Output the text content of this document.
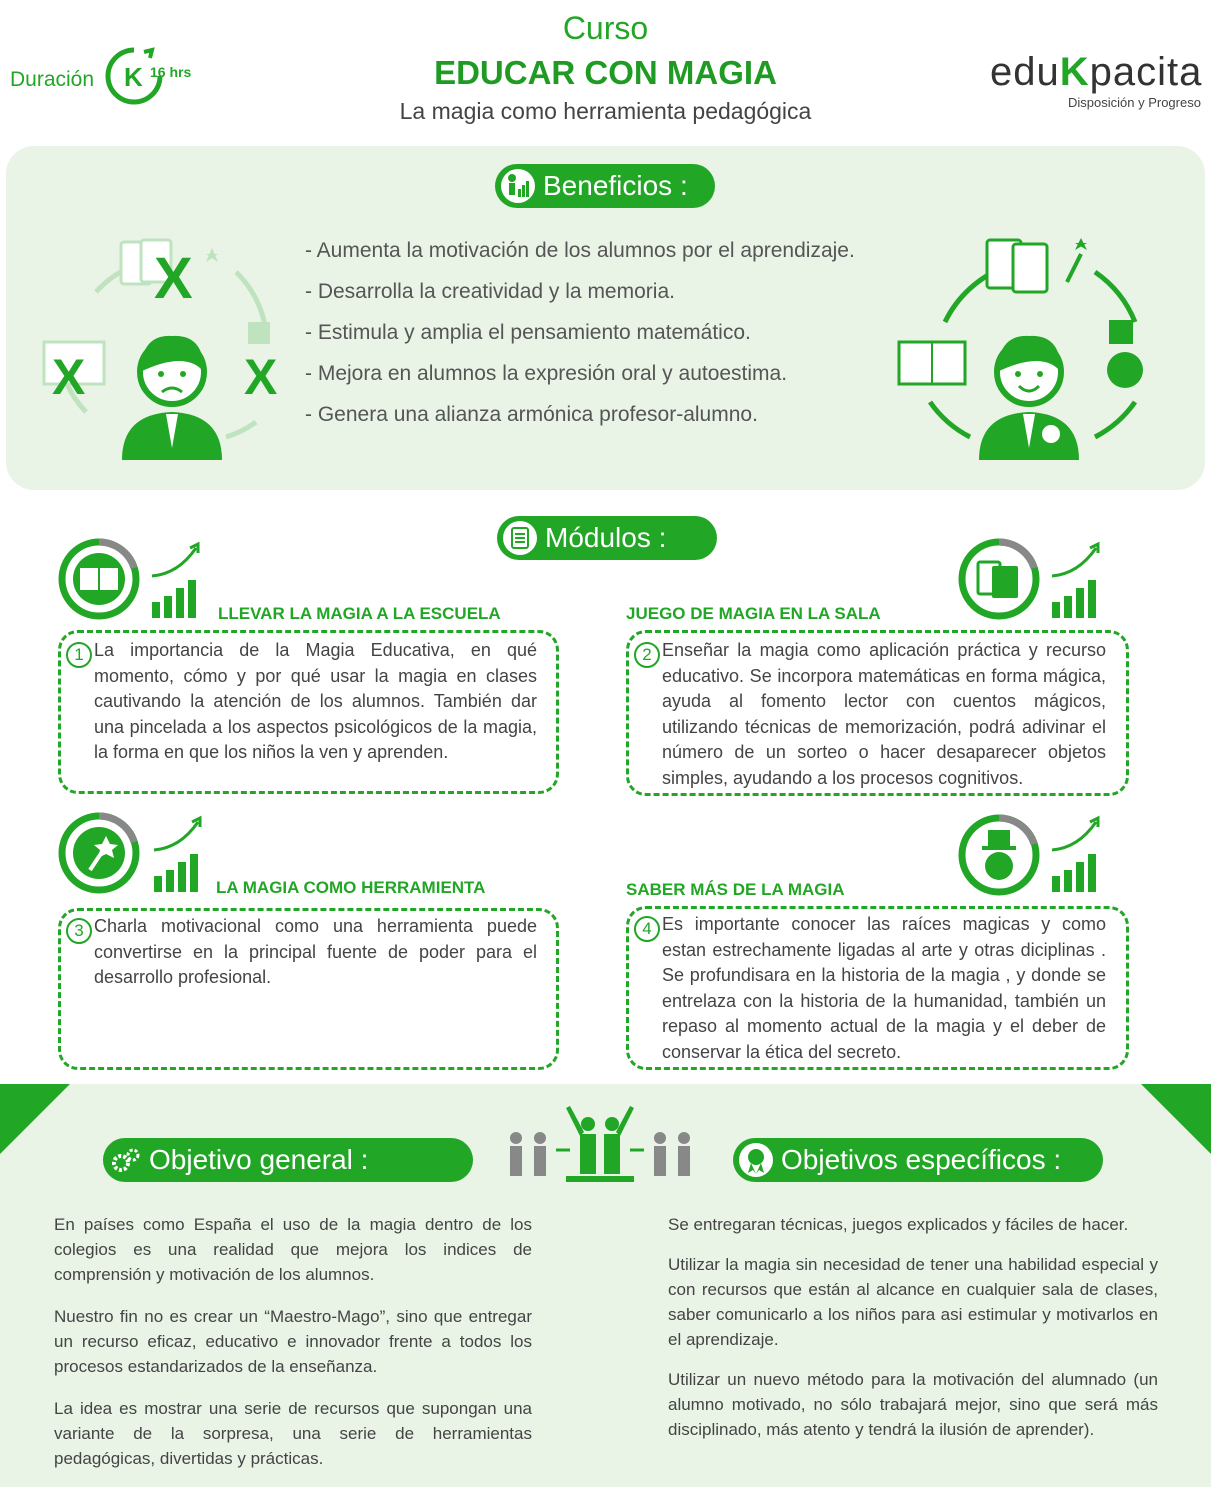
Duración K 16 hrs
Curso
EDUCAR CON MAGIA
La magia como herramienta pedagógica
eduKpacita
Disposición y Progreso
Beneficios :
X
X	X
- Aumenta la motivación de los alumnos por el aprendizaje.
- Desarrolla la creatividad y la memoria.
- Estimula y amplia el pensamiento matemático.
- Mejora en alumnos la expresión oral y autoestima.
- Genera una alianza armónica profesor-alumno.
Módulos :
LLEVAR LA MAGIA A LA ESCUELA
1 La importancia de la Magia Educativa, en qué momento, cómo y por qué usar la magia en clases cautivando la atención de los alumnos. También dar una pincelada a los aspectos psicológicos de la magia, la forma en que los niños la ven y aprenden.
JUEGO DE MAGIA EN LA SALA
2 Enseñar la magia como aplicación práctica y recurso educativo. Se incorpora matemáticas en forma mágica, ayuda al fomento lector con cuentos mágicos, utilizando técnicas de memorización, podrá adivinar el número de un sorteo o hacer desaparecer objetos simples, ayudando a los procesos cognitivos.
LA MAGIA COMO HERRAMIENTA
3 Charla motivacional como una herramienta puede convertirse en la principal fuente de poder para el desarrollo profesional.
SABER MÁS DE LA MAGIA
4 Es importante conocer las raíces magicas y como estan estrechamente ligadas al arte y otras diciplinas . Se profundisara en la historia de la magia , y donde se entrelaza con la historia de la humanidad, también un repaso al momento actual de la magia y el deber de conservar la ética del secreto.
Objetivo general :	Objetivos específicos :

En países como España el uso de la magia dentro de los colegios es una realidad que mejora los indices de comprensión y motivación de los alumnos.

Nuestro fin no es crear un “Maestro-Mago”, sino que entregar un recurso eficaz, educativo e innovador frente a todos los procesos estandarizados de la enseñanza.

La idea es mostrar una serie de recursos que supongan una variante de la sorpresa, una serie de herramientas pedagógicas, divertidas y prácticas.

Se entregaran técnicas, juegos explicados y fáciles de hacer.

Utilizar la magia sin necesidad de tener una habilidad especial y con recursos que están al alcance en cualquier sala de clases, saber comunicarlo a los niños para asi estimular y motivarlos en el aprendizaje.

Utilizar un nuevo método para la motivación del alumnado (un alumno motivado, no sólo trabajará mejor, sino que será más disciplinado, más atento y tendrá la ilusión de aprender).
